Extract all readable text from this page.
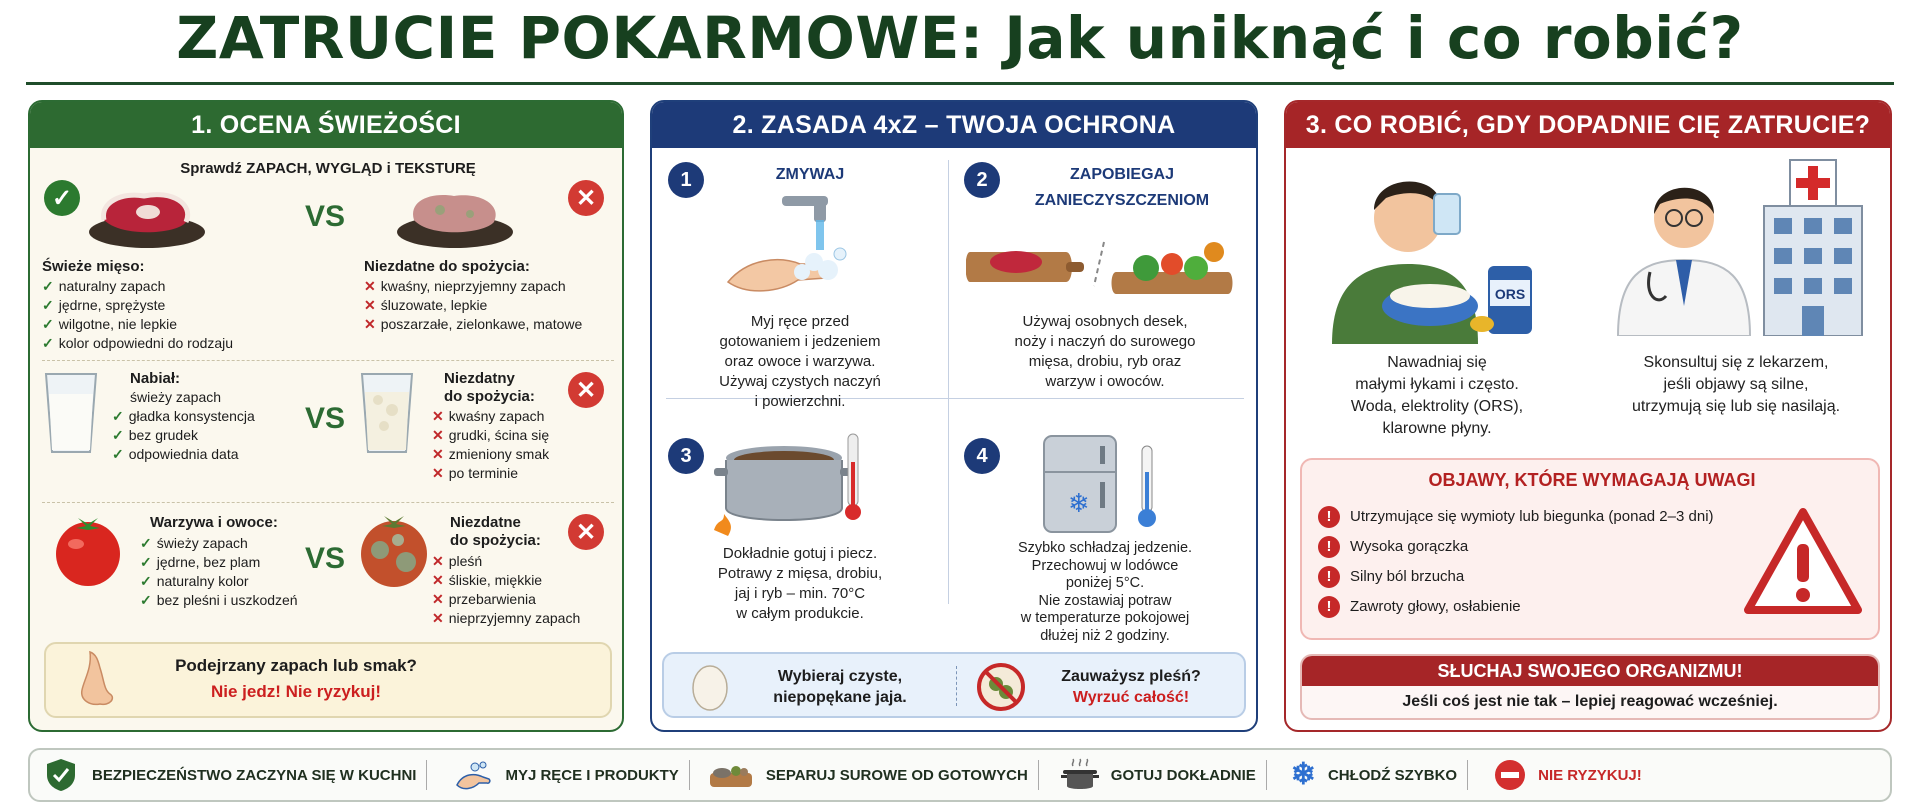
ZATRUCIE POKARMOWE: Jak uniknąć i co robić?
1. OCENA ŚWIEŻOŚCI
Sprawdź ZAPACH, WYGLĄD i TEKSTURĘ
✓
VS
✕
Świeże mięso:
✓ naturalny zapach
✓ jędrne, sprężyste
✓ wilgotne, nie lepkie
✓ kolor odpowiedni do rodzaju
Niezdatne do spożycia:
✕ kwaśny, nieprzyjemny zapach
✕ śluzowate, lepkie
✕ poszarzałe, zielonkawe, matowe
Nabiał:
świeży zapach
✓ gładka konsystencja
✓ bez grudek
✓ odpowiednia data
VS
Niezdatny
do spożycia:
✕ kwaśny zapach
✕ grudki, ścina się
✕ zmieniony smak
✕ po terminie
✕
Warzywa i owoce:
✓ świeży zapach
✓ jędrne, bez plam
✓ naturalny kolor
✓ bez pleśni i uszkodzeń
VS
Niezdatne
do spożycia:
✕ pleśń
✕ śliskie, miękkie
✕ przebarwienia
✕ nieprzyjemny zapach
✕
Podejrzany zapach lub smak?
Nie jedz! Nie ryzykuj!
2. ZASADA 4xZ – TWOJA OCHRONA
1	ZMYWAJ
Myj ręce przed
gotowaniem i jedzeniem
oraz owoce i warzywa.
Używaj czystych naczyń
i powierzchni.
2	ZAPOBIEGAJ
ZANIECZYSZCZENIOM
Używaj osobnych desek,
noży i naczyń do surowego
mięsa, drobiu, ryb oraz
warzyw i owoców.
3
Dokładnie gotuj i piecz.
Potrawy z mięsa, drobiu,
jaj i ryb – min. 70°C
w całym produkcie.
4
❄
Szybko schładzaj jedzenie.
Przechowuj w lodówce
poniżej 5°C.
Nie zostawiaj potraw
w temperaturze pokojowej
dłużej niż 2 godziny.
Wybieraj czyste,
niepopękane jaja.
Zauważysz pleśń?
Wyrzuć całość!
3. CO ROBIĆ, GDY DOPADNIE CIĘ ZATRUCIE?
ORS
Nawadniaj się
małymi łykami i często.
Woda, elektrolity (ORS),
klarowne płyny.
Skonsultuj się z lekarzem,
jeśli objawy są silne,
utrzymują się lub się nasilają.
OBJAWY, KTÓRE WYMAGAJĄ UWAGI
! Utrzymujące się wymioty lub biegunka (ponad 2–3 dni)
! Wysoka gorączka
! Silny ból brzucha
! Zawroty głowy, osłabienie
SŁUCHAJ SWOJEGO ORGANIZMU!
Jeśli coś jest nie tak – lepiej reagować wcześniej.
BEZPIECZEŃSTWO ZACZYNA SIĘ W KUCHNI	MYJ RĘCE I PRODUKTY	SEPARUJ SUROWE OD GOTOWYCH	GOTUJ DOKŁADNIE ❄ CHŁODŹ SZYBKO	NIE RYZYKUJ!
